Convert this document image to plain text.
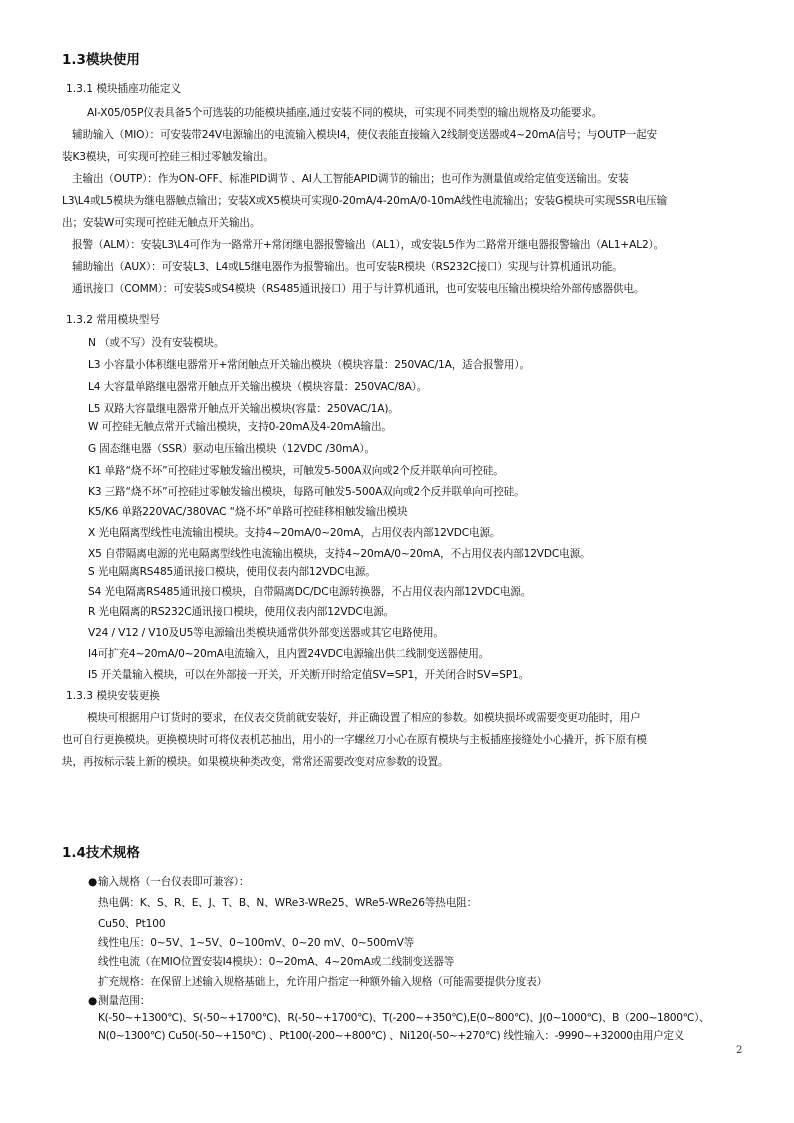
1.3模块使用
1.3.1 模块插座功能定义
AI-X05/05P仪表具备5个可选装的功能模块插座,通过安装不同的模块，可实现不同类型的输出规格及功能要求。
辅助输入（MIO）：可安装带24V电源输出的电流输入模块I4，使仪表能直接输入2线制变送器或4~20mA信号；与OUTP一起安
装K3模块，可实现可控硅三相过零触发输出。
主输出（OUTP）：作为ON-OFF、标准PID调节 、AI人工智能APID调节的输出；也可作为测量值或给定值变送输出。安装
L3\L4或L5模块为继电器触点输出；安装X或X5模块可实现0-20mA/4-20mA/0-10mA线性电流输出；安装G模块可实现SSR电压输
出；安装W可实现可控硅无触点开关输出。
报警（ALM）：安装L3\L4可作为一路常开+常闭继电器报警输出（AL1），或安装L5作为二路常开继电器报警输出（AL1+AL2）。
辅助输出（AUX）：可安装L3、L4或L5继电器作为报警输出。也可安装R模块（RS232C接口）实现与计算机通讯功能。
通讯接口（COMM）：可安装S或S4模块（RS485通讯接口）用于与计算机通讯，也可安装电压输出模块给外部传感器供电。
1.3.2 常用模块型号
N （或不写）没有安装模块。
L3 小容量小体积继电器常开+常闭触点开关输出模块（模块容量：250VAC/1A，适合报警用）。
L4 大容量单路继电器常开触点开关输出模块（模块容量：250VAC/8A）。
L5 双路大容量继电器常开触点开关输出模块(容量：250VAC/1A)。
W 可控硅无触点常开式输出模块，支持0-20mA及4-20mA输出。
G 固态继电器（SSR）驱动电压输出模块（12VDC /30mA）。
K1 单路“烧不坏”可控硅过零触发输出模块，可触发5-500A双向或2个反并联单向可控硅。
K3 三路“烧不坏”可控硅过零触发输出模块，每路可触发5-500A双向或2个反并联单向可控硅。
K5/K6 单路220VAC/380VAC “烧不坏”单路可控硅移相触发输出模块
X 光电隔离型线性电流输出模块。支持4~20mA/0~20mA，占用仪表内部12VDC电源。
X5 自带隔离电源的光电隔离型线性电流输出模块，支持4~20mA/0~20mA，不占用仪表内部12VDC电源。
S 光电隔离RS485通讯接口模块，使用仪表内部12VDC电源。
S4 光电隔离RS485通讯接口模块，自带隔离DC/DC电源转换器，不占用仪表内部12VDC电源。
R 光电隔离的RS232C通讯接口模块，使用仪表内部12VDC电源。
V24 / V12 / V10及U5等电源输出类模块通常供外部变送器或其它电路使用。
I4可扩充4~20mA/0~20mA电流输入，且内置24VDC电源输出供二线制变送器使用。
I5 开关量输入模块，可以在外部接一开关，开关断开时给定值SV=SP1，开关闭合时SV=SP1。
1.3.3 模块安装更换
模块可根据用户订货时的要求，在仪表交货前就安装好，并正确设置了相应的参数。如模块损坏或需要变更功能时，用户
也可自行更换模块。更换模块时可将仪表机芯抽出，用小的一字螺丝刀小心在原有模块与主板插座接缝处小心撬开，拆下原有模
块，再按标示装上新的模块。如果模块种类改变，常常还需要改变对应参数的设置。
1.4技术规格
●输入规格（一台仪表即可兼容）：
热电偶：K、S、R、E、J、T、B、N、WRe3-WRe25、WRe5-WRe26等热电阻：
Cu50、Pt100
线性电压：0~5V、1~5V、0~100mV、0~20 mV、0~500mV等
线性电流（在MIO位置安装I4模块）：0~20mA、4~20mA或二线制变送器等
扩充规格：在保留上述输入规格基础上，允许用户指定一种额外输入规格（可能需要提供分度表）
●测量范围：
K(-50~+1300℃)、S(-50~+1700℃)、R(-50~+1700℃)、T(-200~+350℃),E(0~800℃)、J(0~1000℃)、B（200~1800℃）、
N(0~1300℃) Cu50(-50~+150℃) 、Pt100(-200~+800℃) 、Ni120(-50~+270℃) 线性输入：-9990~+32000由用户定义
2
